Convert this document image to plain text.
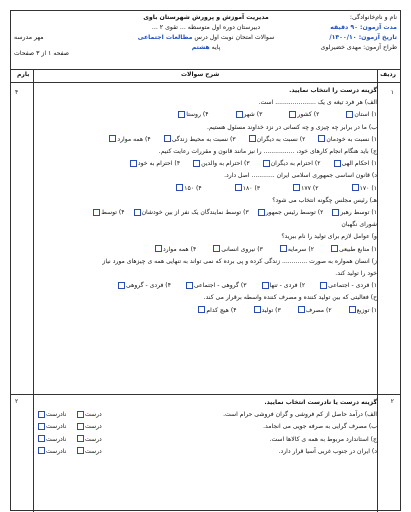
نام و نام‌خانوادگی:
مدت آزمون: ۹۰ دقیقه
تاریخ آزمون: ۱۴۰۰/۱۰/
طراح آزمون: مهدی خضیرلوی
مدیریت آموزش و پرورش شهرستان باوی
دبیرستان دوره اول متوسطه ... تقوی ۲ ...
سوالات امتحان نوبت اول درس مطالعات اجتماعی
پایه هشتم
مهر مدرسه
صفحه ۱ از ۳ صفحات
ردیف
شرح سوالات
بارم
۱
۴	گزینه درست را انتخاب نمایید.
الف) هر فرد تیغه ی یک ..................... است.
۱) استان۲) کشور۳) شهر۴) روستا
ب) ما در برابر چه چیزی و چه کسانی در نزد خداوند مسئول هستیم.
۱) نسبت به خودمان۲) نسبت به دیگران۳) نسبت به محیط زندگی۴) همه موارد
ج) باید هنگام انجام کارهای خود، ................ را نیز مانند قانون و مقررات رعایت کنیم.
۱) احکام الهی۲) احترام به دیگران۳) احترام به والدین۴) احترام به خود
د) قانون اساسی جمهوری اسلامی ایران ............ اصل دارد.
۱) ۱۷۰۲) ۱۷۷۳) ۱۸۰۴) ۱۵۰
هـ) رئیس مجلس چگونه انتخاب می شود؟
۱) توسط رهبر۲) توسط رئیس جمهور۳) توسط نمایندگان یک نفر از بین خودشان۴) توسط
شورای نگهبان
و) عوامل لازم برای تولید را نام ببرید؟
۱) منابع طبیعی۲) سرمایه۳) نیروی انسانی۴) همه موارد
ز) انسان همواره به صورت ............. زندگی کرده و پی برده که نمی تواند به تنهایی همه ی چیزهای مورد نیاز
خود را تولید کند.
۱) فردی - اجتماعی۲) فردی - تنها۳) گروهی - اجتماعی۴) فردی - گروهی
ح) فعالیتی که بین تولید کننده و مصرف کننده واسطه برقرار می کند.
۱) توزیع۲) مصرف۳) تولید۴) هیچ کدام
۲
۲	گزینه درست یا نادرست انتخاب نمایید.
الف) درآمد حاصل از کم فروشی و گران فروشی حرام است.
درست     نادرست
ب) مصرف گرایی به صرفه جویی می انجامد.
درست     نادرست
ج) استاندارد مربوط به همه ی کالاها است.
درست     نادرست
د) ایران در جنوب غربی آسیا قرار دارد.
درست     نادرست
